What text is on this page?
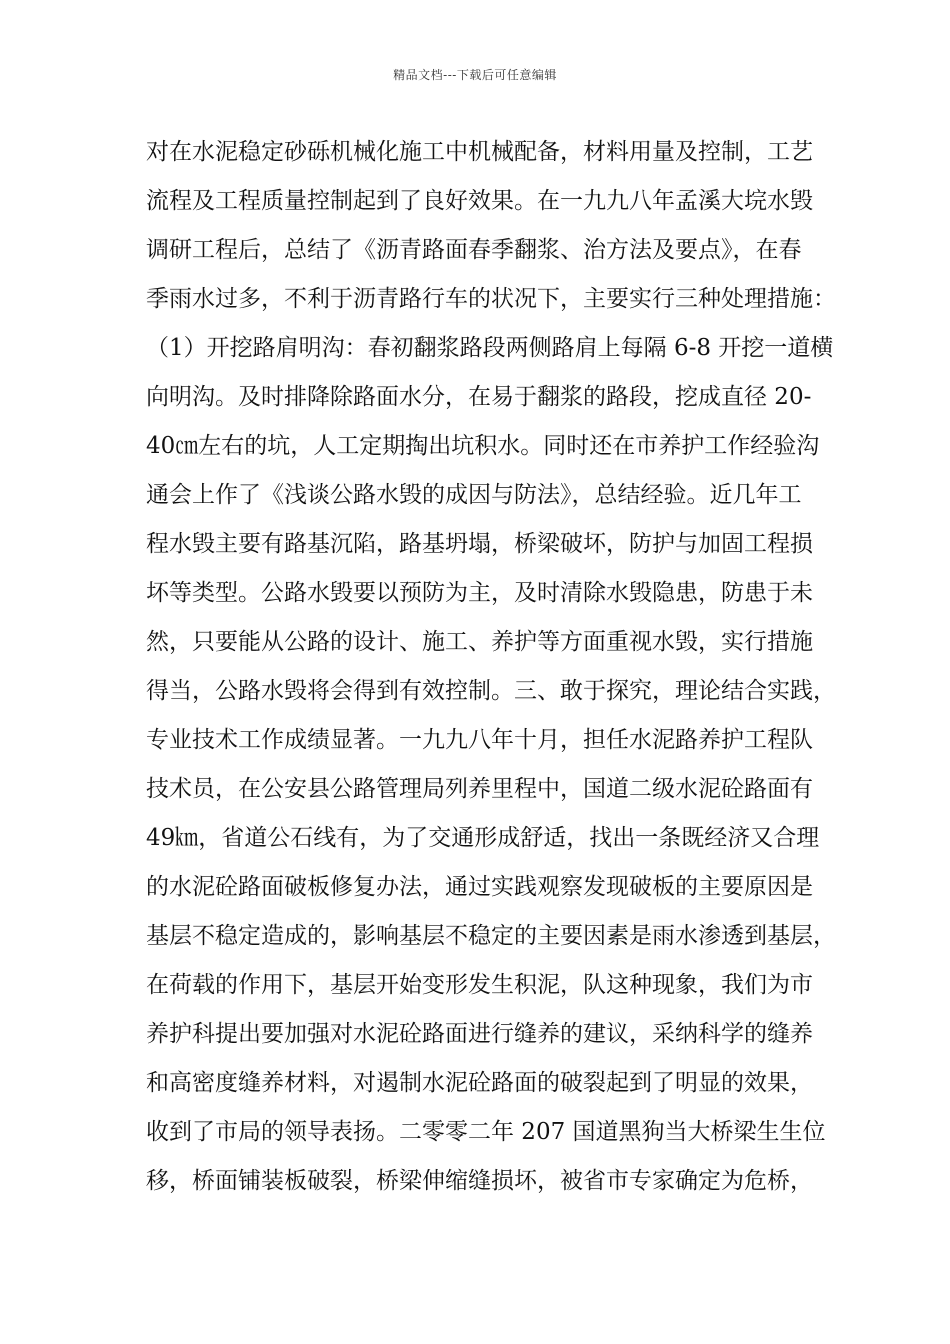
精品文档---下载后可任意编辑
对在水泥稳定砂砾机械化施工中机械配备，材料用量及控制，工艺
流程及工程质量控制起到了良好效果。在一九九八年孟溪大垸水毁
调研工程后，总结了《沥青路面春季翻浆、治方法及要点》，在春
季雨水过多，不利于沥青路行车的状况下，主要实行三种处理措施：
（1）开挖路肩明沟：春初翻浆路段两侧路肩上每隔 6-8 开挖一道横
向明沟。及时排降除路面水分，在易于翻浆的路段，挖成直径 20-
40㎝左右的坑，人工定期掏出坑积水。同时还在市养护工作经验沟
通会上作了《浅谈公路水毁的成因与防法》，总结经验。近几年工
程水毁主要有路基沉陷，路基坍塌，桥梁破坏，防护与加固工程损
坏等类型。公路水毁要以预防为主，及时清除水毁隐患，防患于未
然，只要能从公路的设计、施工、养护等方面重视水毁，实行措施
得当，公路水毁将会得到有效控制。三、敢于探究，理论结合实践，
专业技术工作成绩显著。一九九八年十月，担任水泥路养护工程队
技术员，在公安县公路管理局列养里程中，国道二级水泥砼路面有
49㎞，省道公石线有，为了交通形成舒适，找出一条既经济又合理
的水泥砼路面破板修复办法，通过实践观察发现破板的主要原因是
基层不稳定造成的，影响基层不稳定的主要因素是雨水渗透到基层，
在荷载的作用下，基层开始变形发生积泥，队这种现象，我们为市
养护科提出要加强对水泥砼路面进行缝养的建议，采纳科学的缝养
和高密度缝养材料，对遏制水泥砼路面的破裂起到了明显的效果，
收到了市局的领导表扬。二零零二年 207 国道黑狗当大桥梁生生位
移，桥面铺装板破裂，桥梁伸缩缝损坏，被省市专家确定为危桥，
